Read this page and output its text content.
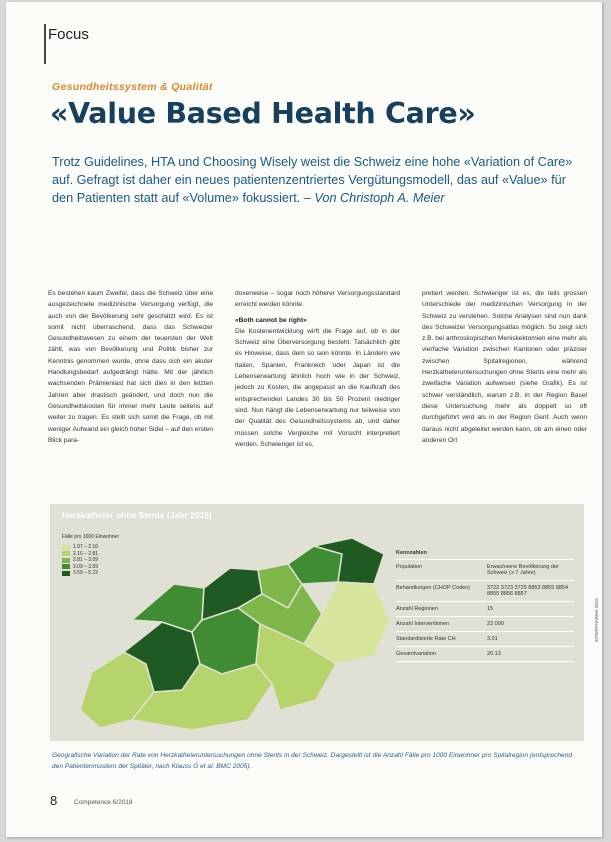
Focus
Gesundheitssystem & Qualität
«Value Based Health Care»
Trotz Guidelines, HTA und Choosing Wisely weist die Schweiz eine hohe «Variation of Care» auf. Gefragt ist daher ein neues patientenzentriertes Vergütungsmodell, das auf «Value» für den Patienten statt auf «Volume» fokussiert. – Von Christoph A. Meier

Es bestehen kaum Zweifel, dass die Schweiz über eine ausgezeichnete medizinische Versorgung verfügt, die auch von der Bevölkerung sehr geschätzt wird. Es ist somit nicht überraschend, dass das Schweizer Gesundheitswesen zu einem der teuersten der Welt zählt, was von Bevölkerung und Politik bisher zur Kenntnis genommen wurde, ohne dass sich ein akuter Handlungsbedarf aufgedrängt hätte. Mit der jährlich wachsenden Prämienlast hat sich dies in den letzten Jahren aber drastisch geändert, und doch nun die Gesundheitskosten für immer mehr Leute seitens auf weiter zu tragen. Es stellt sich somit die Frage, ob mit weniger Aufwand ein gleich hoher Sidei – auf den ersten Blick para-

doxerweise – sogar noch höherer Versorgungsstandard erreicht werden könnte.

«Both cannot be right»

Die Kostenentwicklung wirft die Frage auf, ob in der Schweiz eine Überversorgung besteht. Tatsächlich gibt es Hinweise, dass dem so sein könnte. In Ländern wie Italien, Spanien, Frankreich oder Japan ist die Lebenserwartung ähnlich hoch wie in der Schweiz, jedoch zu Kosten, die angepasst an die Kaufkraft des entsprechenden Landes 30 bis 50 Prozent niedriger sind. Nun hängt die Lebenserwartung nur teilweise von der Qualität des Gesundheitssystems ab, und daher müssen solche Vergleiche mit Vorsicht interpretiert werden. Schwieriger ist es,

pretiert werden. Schwieriger ist es, die teils grossen Unterschiede der medizinischen Versorgung in der Schweiz zu verstehen. Solche Analysen sind nun dank des Schweizer Versorgungsatlas möglich. So zeigt sich z.B. bei arthroskopischen Meniskektomien eine mehr als vierfache Variation zwischen Kantonen oder präziser zwischen Spitalregionen, während Herzkatheteruntersuchungen ohne Stents eine mehr als zweifache Variation aufweisen (siehe Grafik). Es ist schwer verständlich, warum z.B. in der Region Basel diese Untersuchung mehr als doppelt so oft durchgeführt wird als in der Region Genf. Auch wenn daraus nicht abgeleitet werden kann, ob am einen oder anderen Ort

Herzkatheter ohne Stents (Jahr 2015)
Fälle pro 1000 Einwohner
1.97 – 2.16
2.16 – 2.81
2.81 – 3.09
3.09 – 3.59
3.59 – 5.22
Kennzahlen
Population	Erwachsene Bevölkerung der Schweiz (≥ 7 Jahre)
Behandlungen (CHOP Codes)	3722 3723 3725 8853 8855 8854 8855 8856 8857
Anzahl Regionen	15
Anzahl Interventionen	23 000
Standardisierte Rate CH	3.01
Gesamtvariation	20.13
INTERPHARMA 2016
Geografische Variation der Rate von Herzkatheteruntersuchungen ohne Stents in der Schweiz. Dargestellt ist die Anzahl Fälle pro 1000 Einwohner pro Spitalregion (entsprechend den Patientenmustern der Spitäler, nach Klauss G et al. BMC 2005).
8	Competence 6/2018
